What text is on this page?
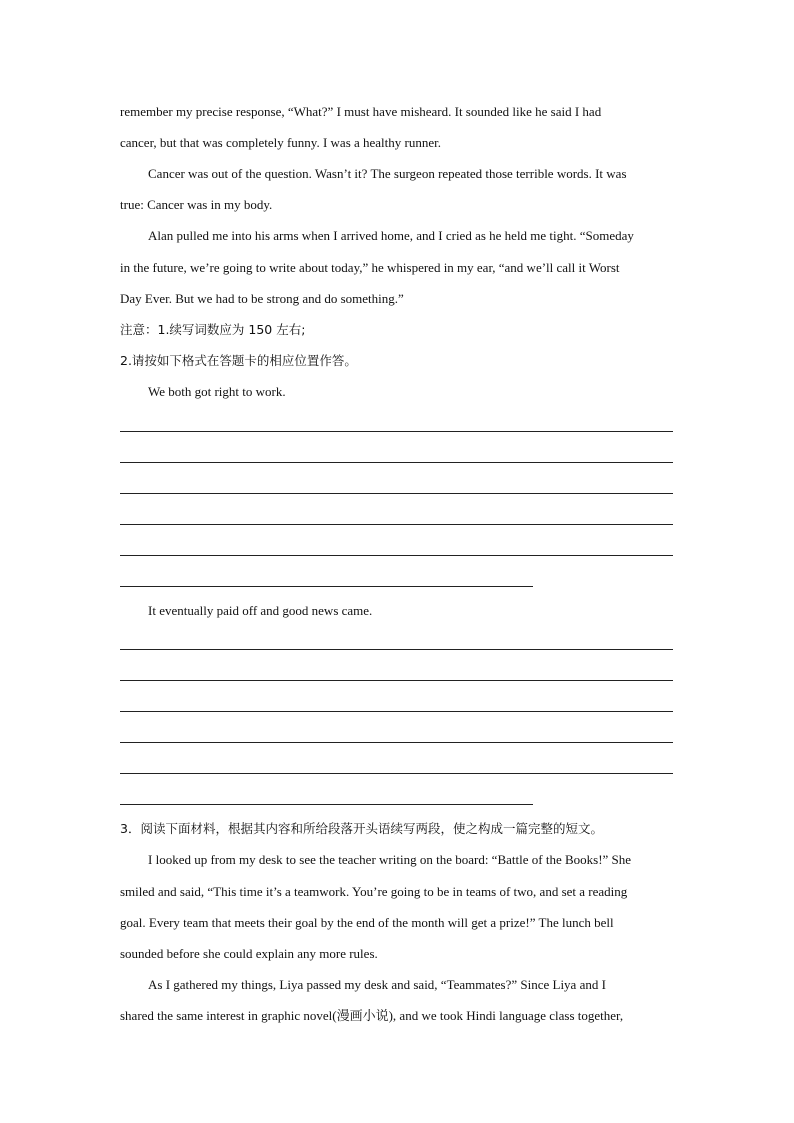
remember my precise response, “What?” I must have misheard. It sounded like he said I had
cancer, but that was completely funny. I was a healthy runner.
Cancer was out of the question. Wasn’t it? The surgeon repeated those terrible words. It was
true: Cancer was in my body.
Alan pulled me into his arms when I arrived home, and I cried as he held me tight. “Someday
in the future, we’re going to write about today,” he whispered in my ear, “and we’ll call it Worst
Day Ever. But we had to be strong and do something.”
注意：1.续写词数应为 150 左右;
2.请按如下格式在答题卡的相应位置作答。
We both got right to work.
It eventually paid off and good news came.
3．阅读下面材料，根据其内容和所给段落开头语续写两段，使之构成一篇完整的短文。
I looked up from my desk to see the teacher writing on the board: “Battle of the Books!” She
smiled and said, “This time it’s a teamwork. You’re going to be in teams of two, and set a reading
goal. Every team that meets their goal by the end of the month will get a prize!” The lunch bell
sounded before she could explain any more rules.
As I gathered my things, Liya passed my desk and said, “Teammates?” Since Liya and I
shared the same interest in graphic novel(漫画小说), and we took Hindi language class together,
